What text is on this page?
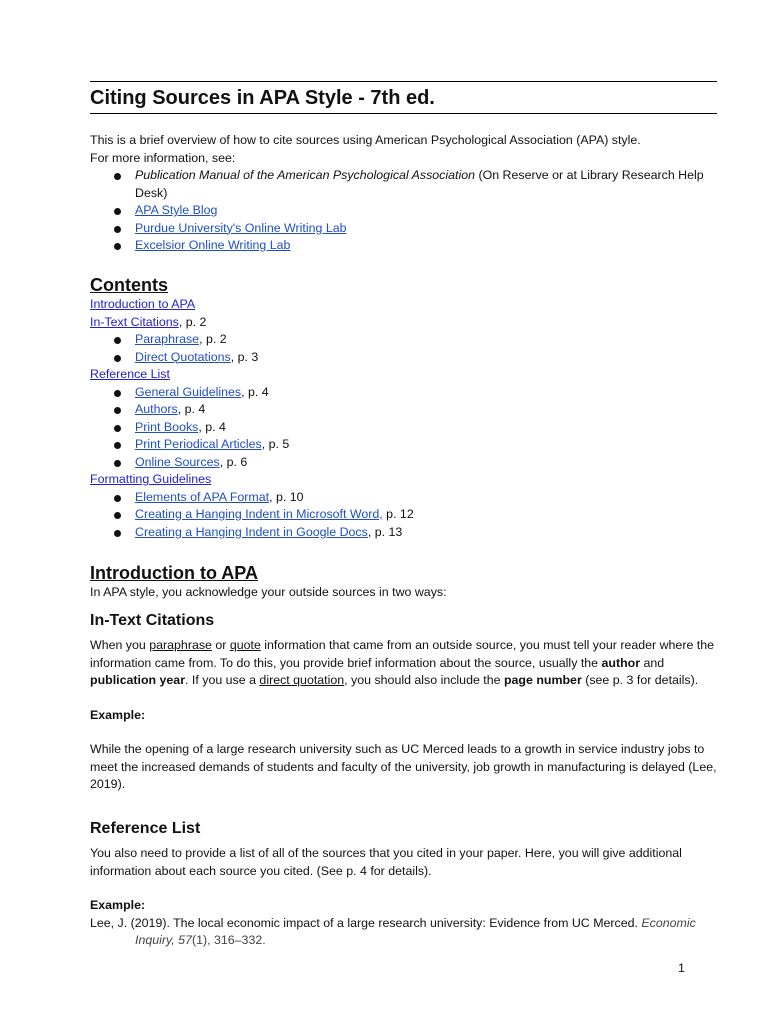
Citing Sources in APA Style - 7th ed.

This is a brief overview of how to cite sources using American Psychological Association (APA) style.

For more information, see:

Publication Manual of the American Psychological Association (On Reserve or at Library Research Help Desk)
APA Style Blog
Purdue University's Online Writing Lab
Excelsior Online Writing Lab

Contents

Introduction to APA

In-Text Citations, p. 2

Paraphrase, p. 2
Direct Quotations, p. 3

Reference List

General Guidelines, p. 4
Authors, p. 4
Print Books, p. 4
Print Periodical Articles, p. 5
Online Sources, p. 6

Formatting Guidelines

Elements of APA Format, p. 10
Creating a Hanging Indent in Microsoft Word, p. 12
Creating a Hanging Indent in Google Docs, p. 13

Introduction to APA

In APA style, you acknowledge your outside sources in two ways:

In-Text Citations

When you paraphrase or quote information that came from an outside source, you must tell your reader where the information came from. To do this, you provide brief information about the source, usually the author and publication year. If you use a direct quotation, you should also include the page number (see p. 3 for details).

Example:

While the opening of a large research university such as UC Merced leads to a growth in service industry jobs to meet the increased demands of students and faculty of the university, job growth in manufacturing is delayed (Lee, 2019).

Reference List

You also need to provide a list of all of the sources that you cited in your paper. Here, you will give additional information about each source you cited. (See p. 4 for details).

Example:

Lee, J. (2019). The local economic impact of a large research university: Evidence from UC Merced. Economic Inquiry, 57(1), 316–332.

1
